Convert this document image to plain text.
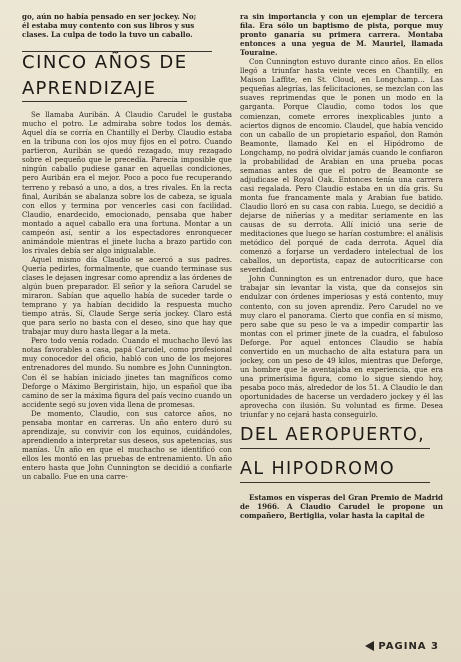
go, aún no había pensado en ser jockey. No;

él estaba muy contento con sus libros y sus

clases. La culpa de todo la tuvo un caballo.

CINCO AÑOS DE
APRENDIZAJE

Se llamaba Auribán. A Claudio Carudel le gustaba mucho el potro. Le admiraba sobre todos los demás. Aquel día se corría en Chantilly el Derby. Claudio estaba en la tribuna con los ojos muy fijos en el potro. Cuando partieron, Auribán se quedó rezagado, muy rezagado sobre el pequeño que le precedía. Parecía imposible que ningún caballo pudiese ganar en aquellas condiciones, pero Auribán era el mejor. Poco a poco fue recuperando terreno y rebasó a uno, a dos, a tres rivales. En la recta final, Auribán se abalanza sobre los de cabeza, se iguala con ellos y termina por vencerles casi con facilidad. Claudio, enardecido, emocionado, pensaba que haber montado a aquel caballo era una fortuna. Montar a un campeón así, sentir a los espectadores enronquecer animándole mientras el jinete lucha a brazo partido con los rivales debía ser algo inigualable.

Aquel mismo día Claudio se acercó a sus padres. Quería pedirles, formalmente, que cuando terminase sus clases le dejasen ingresar como aprendiz a las órdenes de algún buen preparador. El señor y la señora Carudel se miraron. Sabían que aquello había de suceder tarde o temprano y ya habían decidido la respuesta mucho tiempo atrás. Sí, Claude Serge sería jockey. Claro está que para serlo no basta con el deseo, sino que hay que trabajar muy duro hasta llegar a la meta.

Pero todo venía rodado. Cuando el muchacho llevó las notas favorables a casa, papá Carudel, como profesional muy conocedor del oficio, habló con uno de los mejores entrenadores del mundo. Su nombre es John Cunnington. Con él se habían iniciado jinetes tan magníficos como Deforge o Máximo Bergiristain, hijo, un español que iba camino de ser la máxima figura del país vecino cuando un accidente segó su joven vida llena de promesas.

De momento, Claudio, con sus catorce años, no pensaba montar en carreras. Un año entero duró su aprendizaje, su convivir con los equinos, cuidándoles, aprendiendo a interpretar sus deseos, sus apetencias, sus manías. Un año en que el muchacho se identificó con ellos les montó en las pruebas de entrenamiento. Un año entero hasta que John Cunnington se decidió a confiarle un caballo. Fue en una carre-

ra sin importancia y con un ejemplar de tercera fila. Era sólo un baptismo de pista, porque muy pronto ganaría su primera carrera. Montaba entonces a una yegua de M. Mauriel, llamada Touraine.

Con Cunnington estuvo durante cinco años. En ellos llegó a triunfar hasta veinte veces en Chantilly, en Maison Laffite, en St. Cloud, en Longchamp… Las pequeñas alegrías, las felicitaciones, se mezclan con las suaves reprimendas que le ponen un modo en la garganta. Porque Claudio, como todos los que comienzan, comete errores inexplicables junto a aciertos dignos de encomio. Claudel, que había vencido con un caballo de un propietario español, don Ramón Beamonte, llamado Kel en el Hipódromo de Longchamp, no podrá olvidar jamás cuando le confiaron la probabilidad de Arabian en una prueba pocas semanas antes de que el potro de Beamonte se adjudicase el Royal Oak. Entonces tenía una carrera casi regalada. Pero Claudio estaba en un día gris. Su monta fue francamente mala y Arabian fue batido. Claudio lloró en su casa con rabia. Luego, se decidió a dejarse de niñerías y a meditar seriamente en las causas de su derrota. Allí inició una serie de meditaciones que luego se harían costumbre: el análisis metódico del porqué de cada derrota. Aquel día comenzó a forjarse un verdadero intelectual de los caballos, un deportista, capaz de autocriticarse con severidad.

John Cunnington es un entrenador duro, que hace trabajar sin levantar la vista, que da consejos sin endulzar con órdenes imperiosas y está contento, muy contento, con su joven aprendiz. Pero Carudel no ve muy claro el panorama. Cierto que confía en sí mismo, pero sabe que su peso le va a impedir compartir las montas con el primer jinete de la cuadra, el fabuloso Deforge. Por aquel entonces Claudio se había convertido en un muchacho de alta estatura para un jockey, con un peso de 49 kilos, mientras que Deforge, un hombre que le aventajaba en experiencia, que era una primerísima figura, como lo sigue siendo hoy, pesaba poco más, alrededor de los 51. A Claudio le dan oportunidades de hacerse un verdadero jockey y él las aprovecha con ilusión. Su voluntad es firme. Desea triunfar y no cejará hasta conseguirlo.

DEL AEROPUERTO,
AL HIPODROMO

Estamos en vísperas del Gran Premio de Madrid de 1966. A Claudio Carudel le propone un compañero, Bertiglia, volar hasta la capital de

PAGINA 3
